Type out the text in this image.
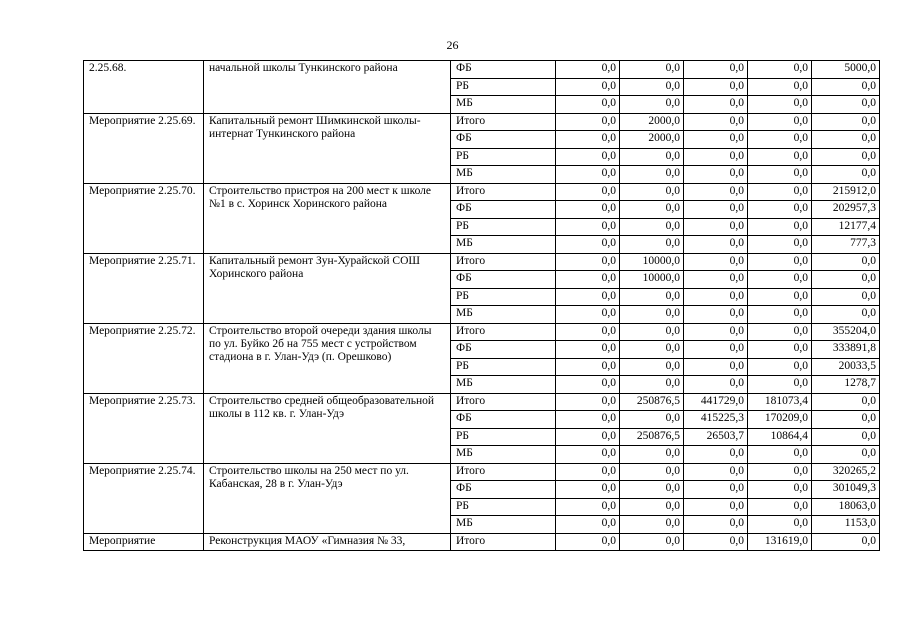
26
2.25.68.	начальной школы Тункинского района	ФБ	0,0	0,0	0,0	0,0	5000,0
		РБ	0,0	0,0	0,0	0,0	0,0
		МБ	0,0	0,0	0,0	0,0	0,0
Мероприятие 2.25.69.	Капитальный ремонт Шимкинской школы-интернат Тункинского района	Итого	0,0	2000,0	0,0	0,0	0,0
		ФБ	0,0	2000,0	0,0	0,0	0,0
		РБ	0,0	0,0	0,0	0,0	0,0
		МБ	0,0	0,0	0,0	0,0	0,0
Мероприятие 2.25.70.	Строительство пристроя на 200 мест к школе №1 в с. Хоринск Хоринского района	Итого	0,0	0,0	0,0	0,0	215912,0
		ФБ	0,0	0,0	0,0	0,0	202957,3
		РБ	0,0	0,0	0,0	0,0	12177,4
		МБ	0,0	0,0	0,0	0,0	777,3
Мероприятие 2.25.71.	Капитальный ремонт Зун-Хурайской СОШ Хоринского района	Итого	0,0	10000,0	0,0	0,0	0,0
		ФБ	0,0	10000,0	0,0	0,0	0,0
		РБ	0,0	0,0	0,0	0,0	0,0
		МБ	0,0	0,0	0,0	0,0	0,0
Мероприятие 2.25.72.	Строительство второй очереди здания школы по ул. Буйко 2б на 755 мест с устройством стадиона в г. Улан-Удэ (п. Орешково)	Итого	0,0	0,0	0,0	0,0	355204,0
		ФБ	0,0	0,0	0,0	0,0	333891,8
		РБ	0,0	0,0	0,0	0,0	20033,5
		МБ	0,0	0,0	0,0	0,0	1278,7
Мероприятие 2.25.73.	Строительство средней общеобразовательной школы в 112 кв. г. Улан-Удэ	Итого	0,0	250876,5	441729,0	181073,4	0,0
		ФБ	0,0	0,0	415225,3	170209,0	0,0
		РБ	0,0	250876,5	26503,7	10864,4	0,0
		МБ	0,0	0,0	0,0	0,0	0,0
Мероприятие 2.25.74.	Строительство школы на 250 мест по ул. Кабанская, 28 в г. Улан-Удэ	Итого	0,0	0,0	0,0	0,0	320265,2
		ФБ	0,0	0,0	0,0	0,0	301049,3
		РБ	0,0	0,0	0,0	0,0	18063,0
		МБ	0,0	0,0	0,0	0,0	1153,0
Мероприятие	Реконструкция МАОУ «Гимназия № 33,	Итого	0,0	0,0	0,0	131619,0	0,0
